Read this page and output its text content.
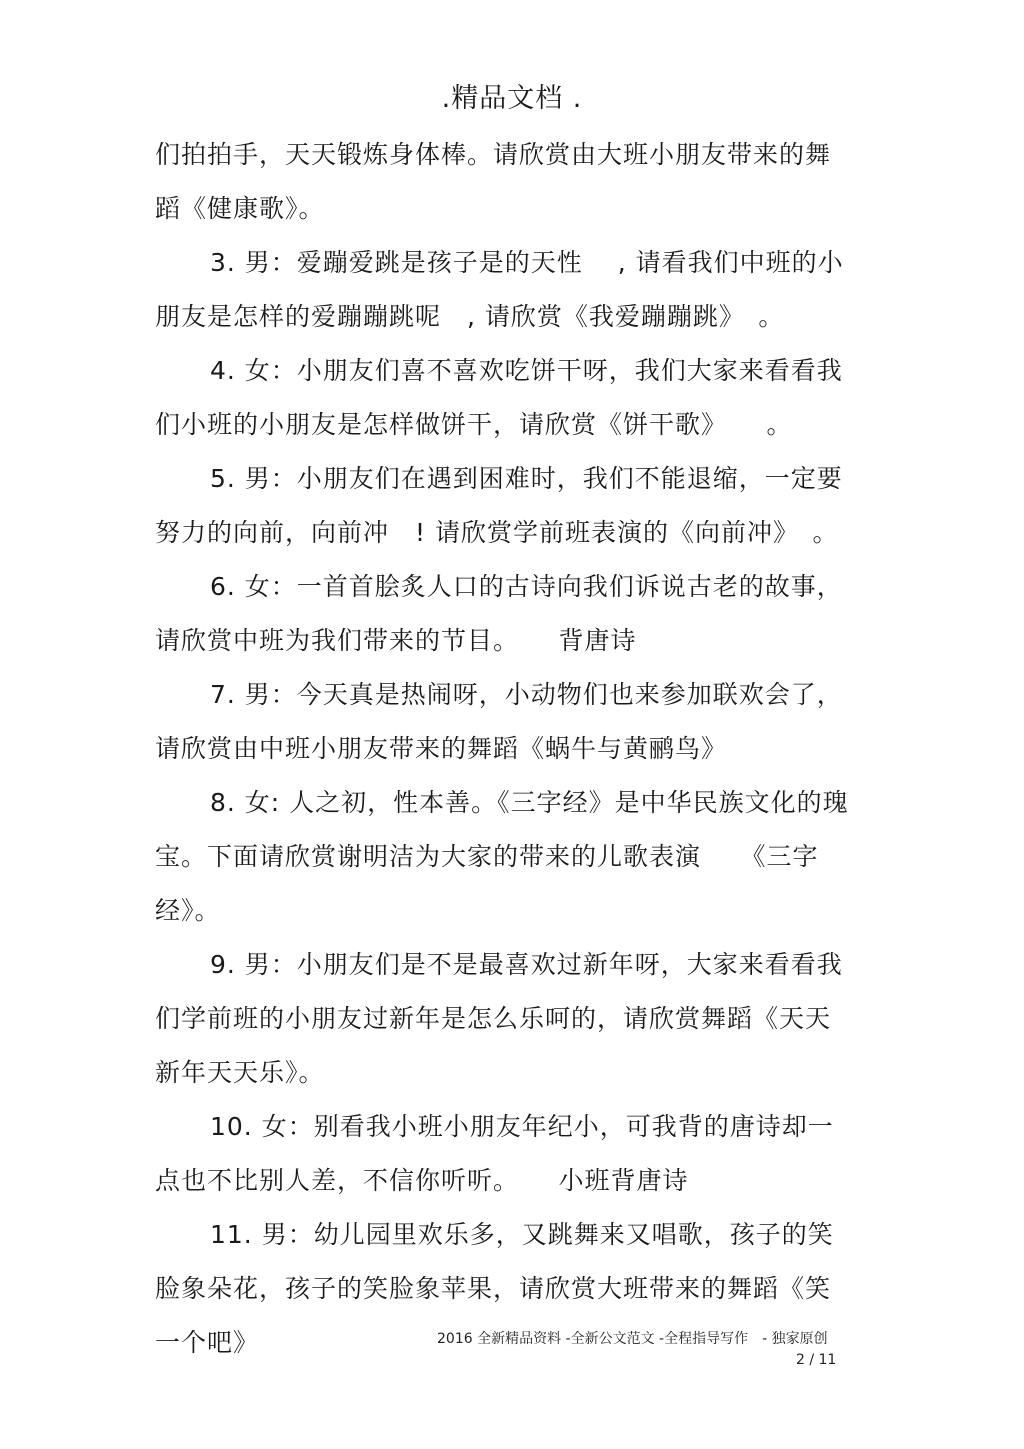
.精品文档 .

们拍拍手，天天锻炼身体棒。请欣赏由大班小朋友带来的舞蹈《健康歌》。

3. 男：爱蹦爱跳是孩子是的天性　 , 请看我们中班的小朋友是怎样的爱蹦蹦跳呢　, 请欣赏《我爱蹦蹦跳》　。

4. 女：小朋友们喜不喜欢吃饼干呀，我们大家来看看我们小班的小朋友是怎样做饼干，请欣赏《饼干歌》　　。

5. 男：小朋友们在遇到困难时，我们不能退缩，一定要努力的向前，向前冲　! 请欣赏学前班表演的《向前冲》　。

6. 女：一首首脍炙人口的古诗向我们诉说古老的故事，请欣赏中班为我们带来的节目。　　背唐诗

7. 男：今天真是热闹呀，小动物们也来参加联欢会了，请欣赏由中班小朋友带来的舞蹈《蜗牛与黄鹂鸟》

8. 女: 人之初，性本善。《三字经》是中华民族文化的瑰宝。下面请欣赏谢明洁为大家的带来的儿歌表演　　《三字经》。

9. 男：小朋友们是不是最喜欢过新年呀，大家来看看我们学前班的小朋友过新年是怎么乐呵的，请欣赏舞蹈《天天新年天天乐》。

10. 女：别看我小班小朋友年纪小，可我背的唐诗却一点也不比别人差，不信你听听。　　小班背唐诗

11. 男：幼儿园里欢乐多，又跳舞来又唱歌，孩子的笑脸象朵花，孩子的笑脸象苹果，请欣赏大班带来的舞蹈《笑一个吧》	2016 全新精品资料 -全新公文范文 -全程指导写作　- 独家原创
2 / 11
